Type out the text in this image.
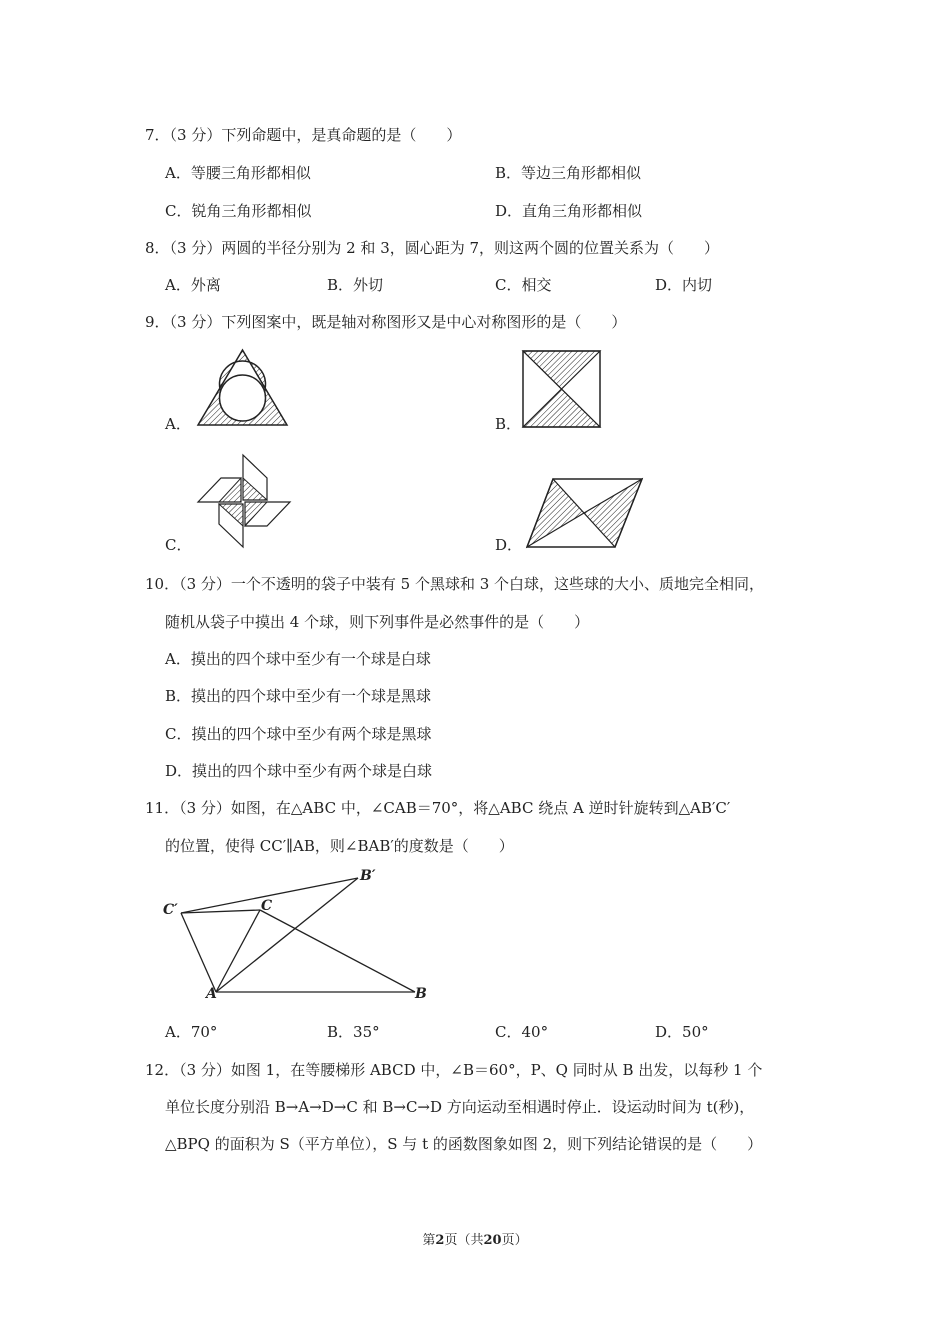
7．（3 分）下列命题中，是真命题的是（　　）
A．等腰三角形都相似	B．等边三角形都相似
C．锐角三角形都相似	D．直角三角形都相似
8．（3 分）两圆的半径分别为 2 和 3，圆心距为 7，则这两个圆的位置关系为（　　）
A．外离	B．外切	C．相交	D．内切
9．（3 分）下列图案中，既是轴对称图形又是中心对称图形的是（　　）
A．	B．
C．	D．
10．（3 分）一个不透明的袋子中装有 5 个黑球和 3 个白球，这些球的大小、质地完全相同，
随机从袋子中摸出 4 个球，则下列事件是必然事件的是（　　）
A．摸出的四个球中至少有一个球是白球
B．摸出的四个球中至少有一个球是黑球
C．摸出的四个球中至少有两个球是黑球
D．摸出的四个球中至少有两个球是白球
11．（3 分）如图，在△ABC 中，∠CAB＝70°，将△ABC 绕点 A 逆时针旋转到△AB′C′
的位置，使得 CC′∥AB，则∠BAB′的度数是（　　）
C′	C
B′
A	B
A．70°	B．35°	C．40°	D．50°
12．（3 分）如图 1，在等腰梯形 ABCD 中，∠B＝60°，P、Q 同时从 B 出发，以每秒 1 个
单位长度分别沿 B→A→D→C 和 B→C→D 方向运动至相遇时停止．设运动时间为 t(秒)，
△BPQ 的面积为 S（平方单位），S 与 t 的函数图象如图 2，则下列结论错误的是（　　）
第2页（共20页）
